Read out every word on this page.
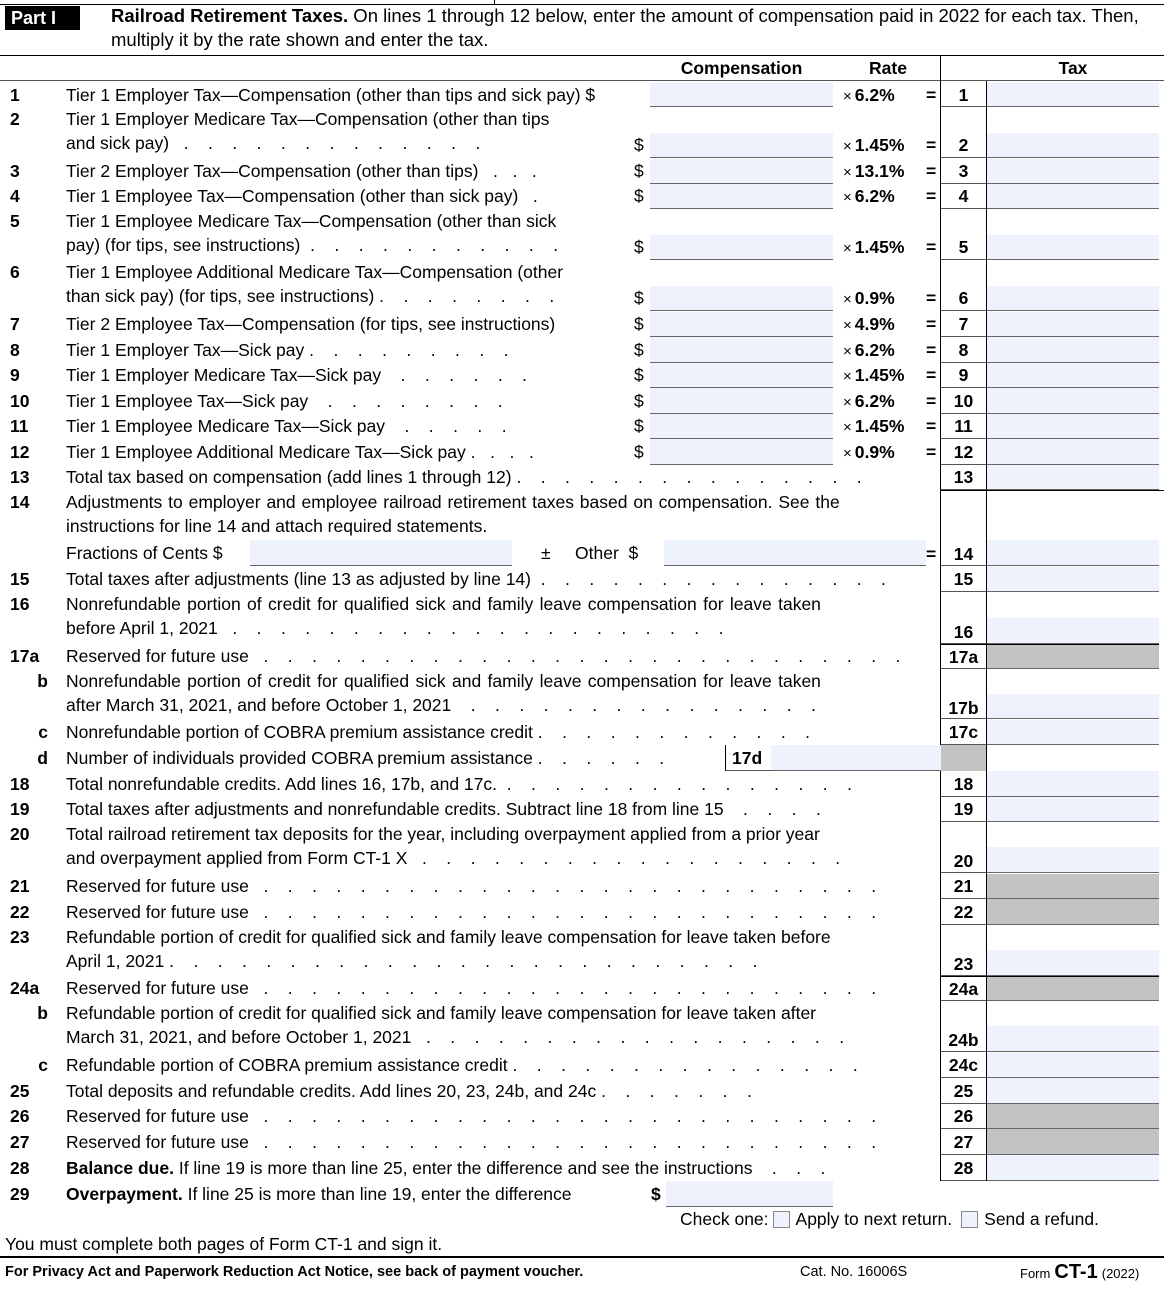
Part I	Railroad Retirement Taxes. On lines 1 through 12 below, enter the amount of compensation paid in 2022 for each tax. Then, multiply it by the rate shown and enter the tax.
Compensation	Rate	Tax
1	Tier 1 Employer Tax—Compensation (other than tips and sick pay) $	× 6.2% =	1
2	Tier 1 Employer Medicare Tax—Compensation (other than tips
and sick pay)   .    .    .    .    .    .    .    .    .    .    .    .    .	$	× 1.45% =	2
3	Tier 2 Employer Tax—Compensation (other than tips)   .   .   .	$	× 13.1% =	3
4	Tier 1 Employee Tax—Compensation (other than sick pay)   .	$	× 6.2% =	4
5	Tier 1 Employee Medicare Tax—Compensation (other than sick
pay) (for tips, see instructions)  .    .    .    .    .    .    .    .    .    .    .	$	× 1.45% =	5
6	Tier 1 Employee Additional Medicare Tax—Compensation (other
than sick pay) (for tips, see instructions) .    .    .    .    .    .    .    .	$	× 0.9% =	6
7	Tier 2 Employee Tax—Compensation (for tips, see instructions)	$	× 4.9% =	7
8	Tier 1 Employer Tax—Sick pay .    .    .    .    .    .    .    .    .	$	× 6.2% =	8
9	Tier 1 Employer Medicare Tax—Sick pay    .    .    .    .    .    .	$	× 1.45% =	9
10	Tier 1 Employee Tax—Sick pay    .    .    .    .    .    .    .    .	$	× 6.2% =	10
11	Tier 1 Employee Medicare Tax—Sick pay    .    .    .    .    .	$	× 1.45% =	11
12	Tier 1 Employee Additional Medicare Tax—Sick pay .   .   .   .	$	× 0.9% =	12
13	Total tax based on compensation (add lines 1 through 12) .    .    .    .    .    .    .    .    .    .    .    .    .    .    .	13
14	Adjustments to employer and employee railroad retirement taxes based on compensation. See the
instructions for line 14 and attach required statements.
Fractions of Cents $	± Other  $	=	14
15	Total taxes after adjustments (line 13 as adjusted by line 14)  .    .    .    .    .    .    .    .    .    .    .    .    .    .    .	15
16	Nonrefundable portion of credit for qualified sick and family leave compensation for leave taken
before April 1, 2021   .    .    .    .    .    .    .    .    .    .    .    .    .    .    .    .    .    .    .    .    .	16
17a	Reserved for future use   .    .    .    .    .    .    .    .    .    .    .    .    .    .    .    .    .    .    .    .    .    .    .    .    .    .    .	17a
b Nonrefundable portion of credit for qualified sick and family leave compensation for leave taken
after March 31, 2021, and before October 1, 2021    .    .    .    .    .    .    .    .    .    .    .    .    .    .    .	17b
c Nonrefundable portion of COBRA premium assistance credit .    .    .    .    .    .    .    .    .    .    .    .	17c
d Number of individuals provided COBRA premium assistance .    .    .    .    .    .	17d
18	Total nonrefundable credits. Add lines 16, 17b, and 17c.  .    .    .    .    .    .    .    .    .    .    .    .    .    .    .	18
19	Total taxes after adjustments and nonrefundable credits. Subtract line 18 from line 15    .    .    .    .	19
20	Total railroad retirement tax deposits for the year, including overpayment applied from a prior year
and overpayment applied from Form CT-1 X   .    .    .    .    .    .    .    .    .    .    .    .    .    .    .    .    .    .	20
21	Reserved for future use   .    .    .    .    .    .    .    .    .    .    .    .    .    .    .    .    .    .    .    .    .    .    .    .    .    .	21
22	Reserved for future use   .    .    .    .    .    .    .    .    .    .    .    .    .    .    .    .    .    .    .    .    .    .    .    .    .    .	22
23	Refundable portion of credit for qualified sick and family leave compensation for leave taken before
April 1, 2021 .    .    .    .    .    .    .    .    .    .    .    .    .    .    .    .    .    .    .    .    .    .    .    .    .	23
24a	Reserved for future use   .    .    .    .    .    .    .    .    .    .    .    .    .    .    .    .    .    .    .    .    .    .    .    .    .    .	24a
b Refundable portion of credit for qualified sick and family leave compensation for leave taken after
March 31, 2021, and before October 1, 2021   .    .    .    .    .    .    .    .    .    .    .    .    .    .    .    .    .    .	24b
c Refundable portion of COBRA premium assistance credit .    .    .    .    .    .    .    .    .    .    .    .    .    .    .	24c
25	Total deposits and refundable credits. Add lines 20, 23, 24b, and 24c .    .    .    .    .    .    .	25
26	Reserved for future use   .    .    .    .    .    .    .    .    .    .    .    .    .    .    .    .    .    .    .    .    .    .    .    .    .    .	26
27	Reserved for future use   .    .    .    .    .    .    .    .    .    .    .    .    .    .    .    .    .    .    .    .    .    .    .    .    .    .	27
28	Balance due. If line 19 is more than line 25, enter the difference and see the instructions    .    .    .	28
29	Overpayment. If line 25 is more than line 19, enter the difference	$
Check one: Apply to next return. Send a refund.
You must complete both pages of Form CT-1 and sign it.
For Privacy Act and Paperwork Reduction Act Notice, see back of payment voucher.	Cat. No. 16006S	Form CT-1 (2022)
